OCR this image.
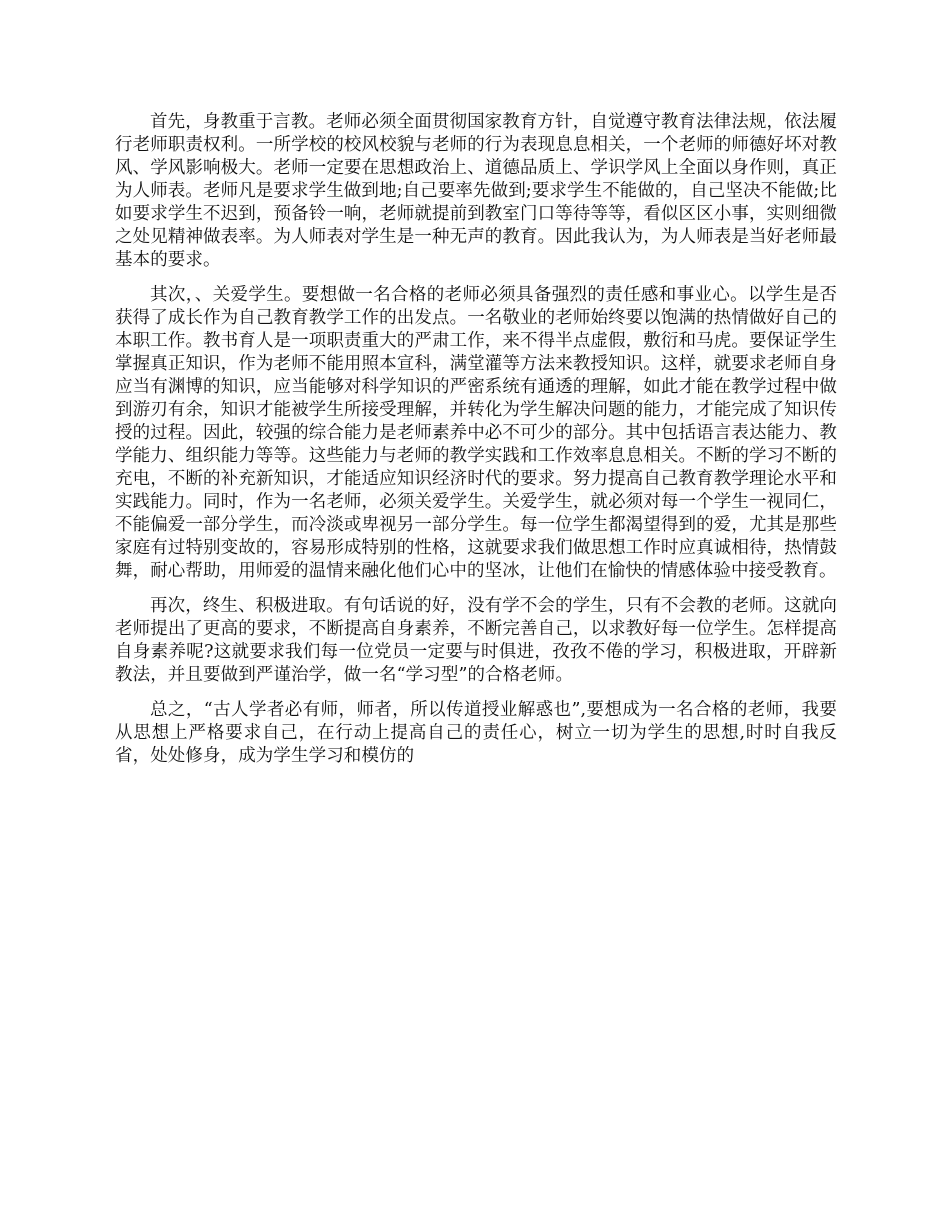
首先，身教重于言教。老师必须全面贯彻国家教育方针，自觉遵守教育法律法规，依法履行老师职责权利。一所学校的校风校貌与老师的行为表现息息相关，一个老师的师德好坏对教风、学风影响极大。老师一定要在思想政治上、道德品质上、学识学风上全面以身作则，真正为人师表。老师凡是要求学生做到地;自己要率先做到;要求学生不能做的，自己坚决不能做;比如要求学生不迟到，预备铃一响，老师就提前到教室门口等待等等，看似区区小事，实则细微之处见精神做表率。为人师表对学生是一种无声的教育。因此我认为，为人师表是当好老师最基本的要求。

其次，、关爱学生。要想做一名合格的老师必须具备强烈的责任感和事业心。以学生是否获得了成长作为自己教育教学工作的出发点。一名敬业的老师始终要以饱满的热情做好自己的本职工作。教书育人是一项职责重大的严肃工作，来不得半点虚假，敷衍和马虎。要保证学生掌握真正知识，作为老师不能用照本宣科，满堂灌等方法来教授知识。这样，就要求老师自身应当有渊博的知识，应当能够对科学知识的严密系统有通透的理解，如此才能在教学过程中做到游刃有余，知识才能被学生所接受理解，并转化为学生解决问题的能力，才能完成了知识传授的过程。因此，较强的综合能力是老师素养中必不可少的部分。其中包括语言表达能力、教学能力、组织能力等等。这些能力与老师的教学实践和工作效率息息相关。不断的学习不断的充电，不断的补充新知识，才能适应知识经济时代的要求。努力提高自己教育教学理论水平和实践能力。同时，作为一名老师，必须关爱学生。关爱学生，就必须对每一个学生一视同仁，不能偏爱一部分学生，而冷淡或卑视另一部分学生。每一位学生都渴望得到的爱，尤其是那些家庭有过特别变故的，容易形成特别的性格，这就要求我们做思想工作时应真诚相待，热情鼓舞，耐心帮助，用师爱的温情来融化他们心中的坚冰，让他们在愉快的情感体验中接受教育。

再次，终生、积极进取。有句话说的好，没有学不会的学生，只有不会教的老师。这就向老师提出了更高的要求，不断提高自身素养，不断完善自己，以求教好每一位学生。怎样提高自身素养呢?这就要求我们每一位党员一定要与时俱进，孜孜不倦的学习，积极进取，开辟新教法，并且要做到严谨治学，做一名“学习型”的合格老师。

总之，“古人学者必有师，师者，所以传道授业解惑也”,要想成为一名合格的老师，我要从思想上严格要求自己，在行动上提高自己的责任心，树立一切为学生的思想,时时自我反省，处处修身，成为学生学习和模仿的
